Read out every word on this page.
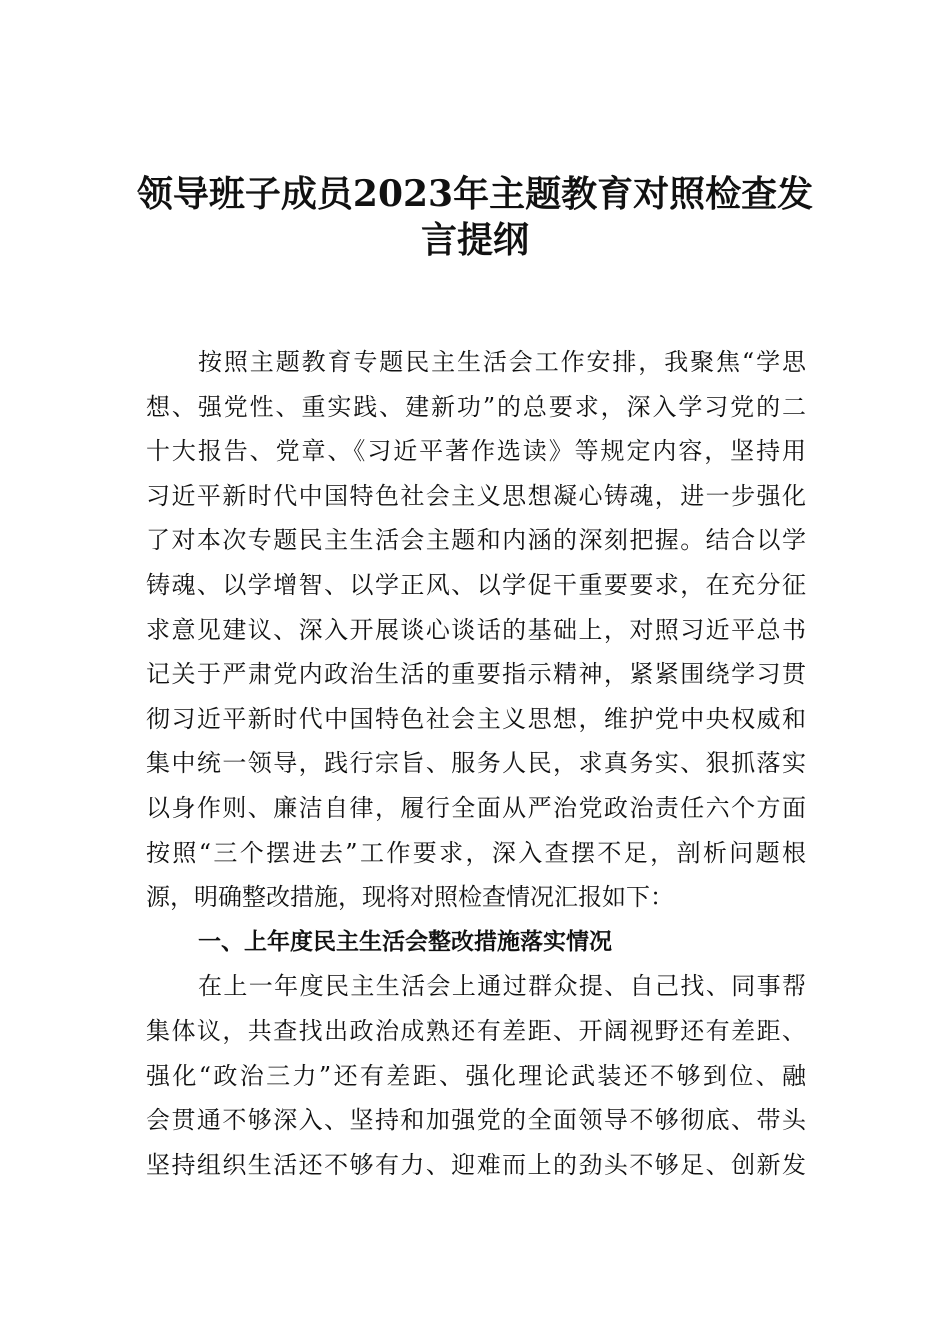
领导班子成员2023年主题教育对照检查发
言提纲
按照主题教育专题民主生活会工作安排，我聚焦“学思
想、强党性、重实践、建新功”的总要求，深入学习党的二
十大报告、党章、《习近平著作选读》等规定内容，坚持用
习近平新时代中国特色社会主义思想凝心铸魂，进一步强化
了对本次专题民主生活会主题和内涵的深刻把握。结合以学
铸魂、以学增智、以学正风、以学促干重要要求，在充分征
求意见建议、深入开展谈心谈话的基础上，对照习近平总书
记关于严肃党内政治生活的重要指示精神，紧紧围绕学习贯
彻习近平新时代中国特色社会主义思想，维护党中央权威和
集中统一领导，践行宗旨、服务人民，求真务实、狠抓落实
以身作则、廉洁自律，履行全面从严治党政治责任六个方面
按照“三个摆进去”工作要求，深入查摆不足，剖析问题根
源，明确整改措施，现将对照检查情况汇报如下：
一、上年度民主生活会整改措施落实情况
在上一年度民主生活会上通过群众提、自己找、同事帮
集体议，共查找出政治成熟还有差距、开阔视野还有差距、
强化“政治三力”还有差距、强化理论武装还不够到位、融
会贯通不够深入、坚持和加强党的全面领导不够彻底、带头
坚持组织生活还不够有力、迎难而上的劲头不够足、创新发
